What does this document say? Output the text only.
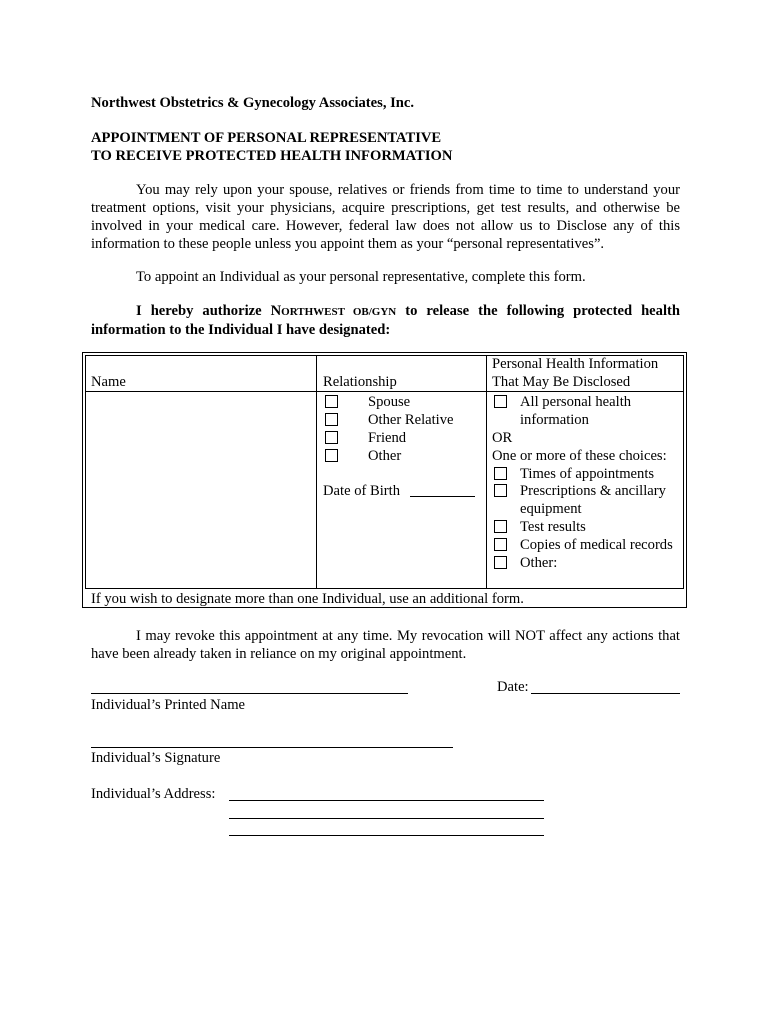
Northwest Obstetrics & Gynecology Associates, Inc.
APPOINTMENT OF PERSONAL REPRESENTATIVE
TO RECEIVE PROTECTED HEALTH INFORMATION

You may rely upon your spouse, relatives or friends from time to time to understand your treatment options, visit your physicians, acquire prescriptions, get test results, and otherwise be involved in your medical care. However, federal law does not allow us to Disclose any of this information to these people unless you appoint them as your “personal representatives”.

To appoint an Individual as your personal representative, complete this form.

I hereby authorize NORTHWEST OB/GYN to release the following protected health information to the Individual I have designated:

Name	Relationship
Personal Health Information
That May Be Disclosed
Spouse
Other Relative
Friend
Other
Date of Birth
All personal health
information
OR
One or more of these choices:
Times of appointments
Prescriptions & ancillary
equipment
Test results
Copies of medical records
Other:
If you wish to designate more than one Individual, use an additional form.

I may revoke this appointment at any time. My revocation will NOT affect any actions that have been already taken in reliance on my original appointment.

Individual’s Printed Name
Date:
Individual’s Signature
Individual’s Address:
